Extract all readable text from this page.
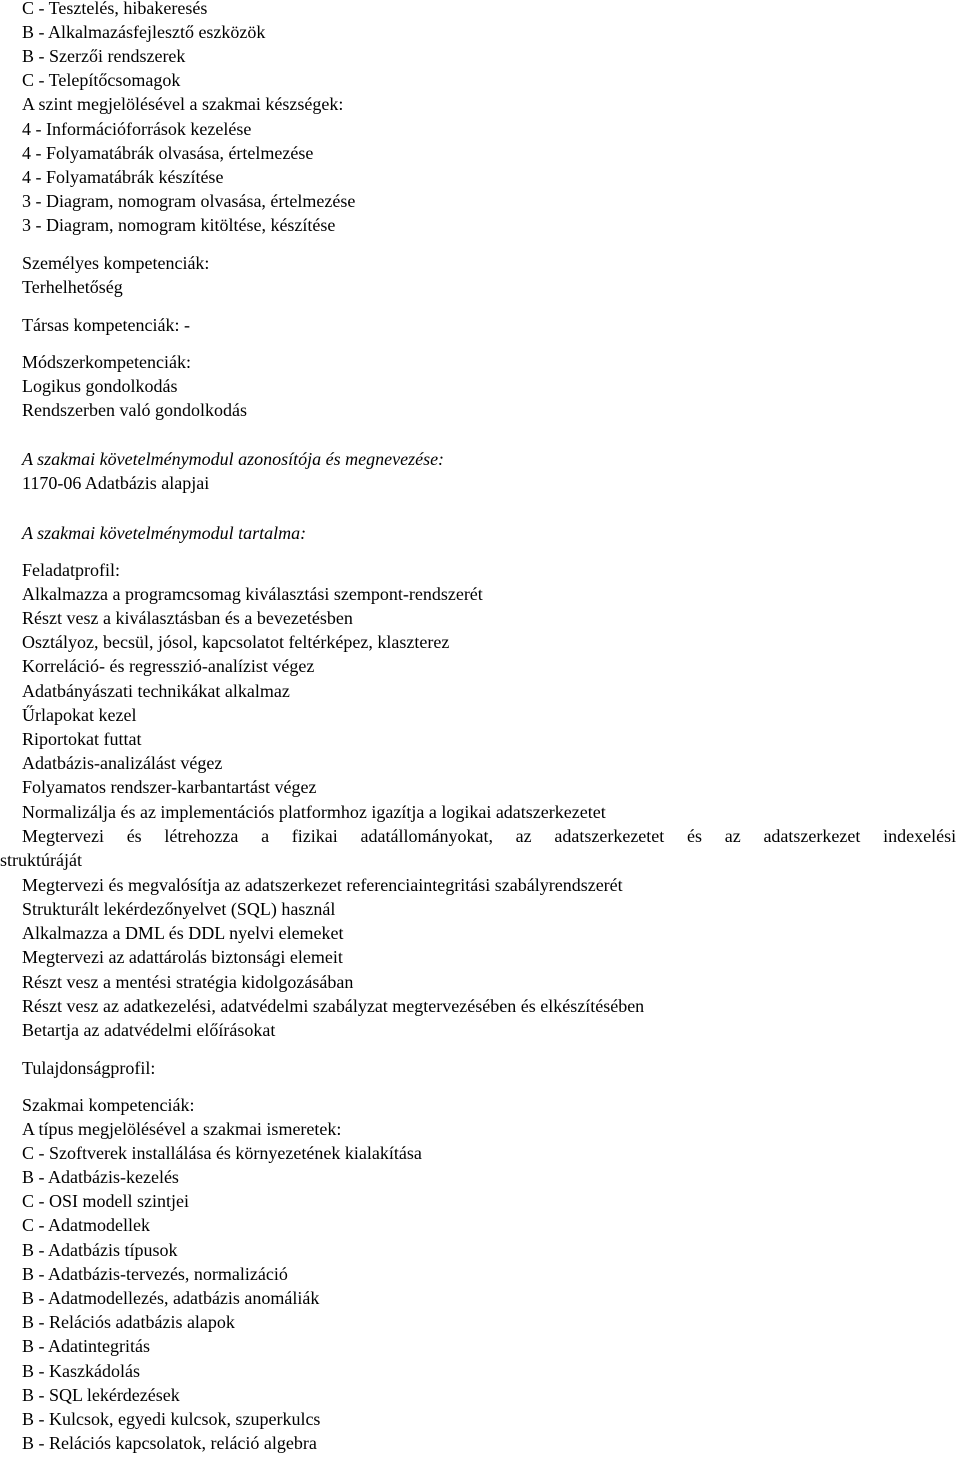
C - Tesztelés, hibakeresés
B - Alkalmazásfejlesztő eszközök
B - Szerzői rendszerek
C - Telepítőcsomagok
A szint megjelölésével a szakmai készségek:
4 - Információforrások kezelése
4 - Folyamatábrák olvasása, értelmezése
4 - Folyamatábrák készítése
3 - Diagram, nomogram olvasása, értelmezése
3 - Diagram, nomogram kitöltése, készítése
Személyes kompetenciák:
Terhelhetőség
Társas kompetenciák: -
Módszerkompetenciák:
Logikus gondolkodás
Rendszerben való gondolkodás
A szakmai követelménymodul azonosítója és megnevezése:
1170-06 Adatbázis alapjai
A szakmai követelménymodul tartalma:
Feladatprofil:
Alkalmazza a programcsomag kiválasztási szempont-rendszerét
Részt vesz a kiválasztásban és a bevezetésben
Osztályoz, becsül, jósol, kapcsolatot feltérképez, klaszterez
Korreláció- és regresszió-analízist végez
Adatbányászati technikákat alkalmaz
Űrlapokat kezel
Riportokat futtat
Adatbázis-analizálást végez
Folyamatos rendszer-karbantartást végez
Normalizálja és az implementációs platformhoz igazítja a logikai adatszerkezetet
Megtervezi és létrehozza a fizikai adatállományokat, az adatszerkezetet és az adatszerkezet indexelési
struktúráját
Megtervezi és megvalósítja az adatszerkezet referenciaintegritási szabályrendszerét
Strukturált lekérdezőnyelvet (SQL) használ
Alkalmazza a DML és DDL nyelvi elemeket
Megtervezi az adattárolás biztonsági elemeit
Részt vesz a mentési stratégia kidolgozásában
Részt vesz az adatkezelési, adatvédelmi szabályzat megtervezésében és elkészítésében
Betartja az adatvédelmi előírásokat
Tulajdonságprofil:
Szakmai kompetenciák:
A típus megjelölésével a szakmai ismeretek:
C - Szoftverek installálása és környezetének kialakítása
B - Adatbázis-kezelés
C - OSI modell szintjei
C - Adatmodellek
B - Adatbázis típusok
B - Adatbázis-tervezés, normalizáció
B - Adatmodellezés, adatbázis anomáliák
B - Relációs adatbázis alapok
B - Adatintegritás
B - Kaszkádolás
B - SQL lekérdezések
B - Kulcsok, egyedi kulcsok, szuperkulcs
B - Relációs kapcsolatok, reláció algebra
